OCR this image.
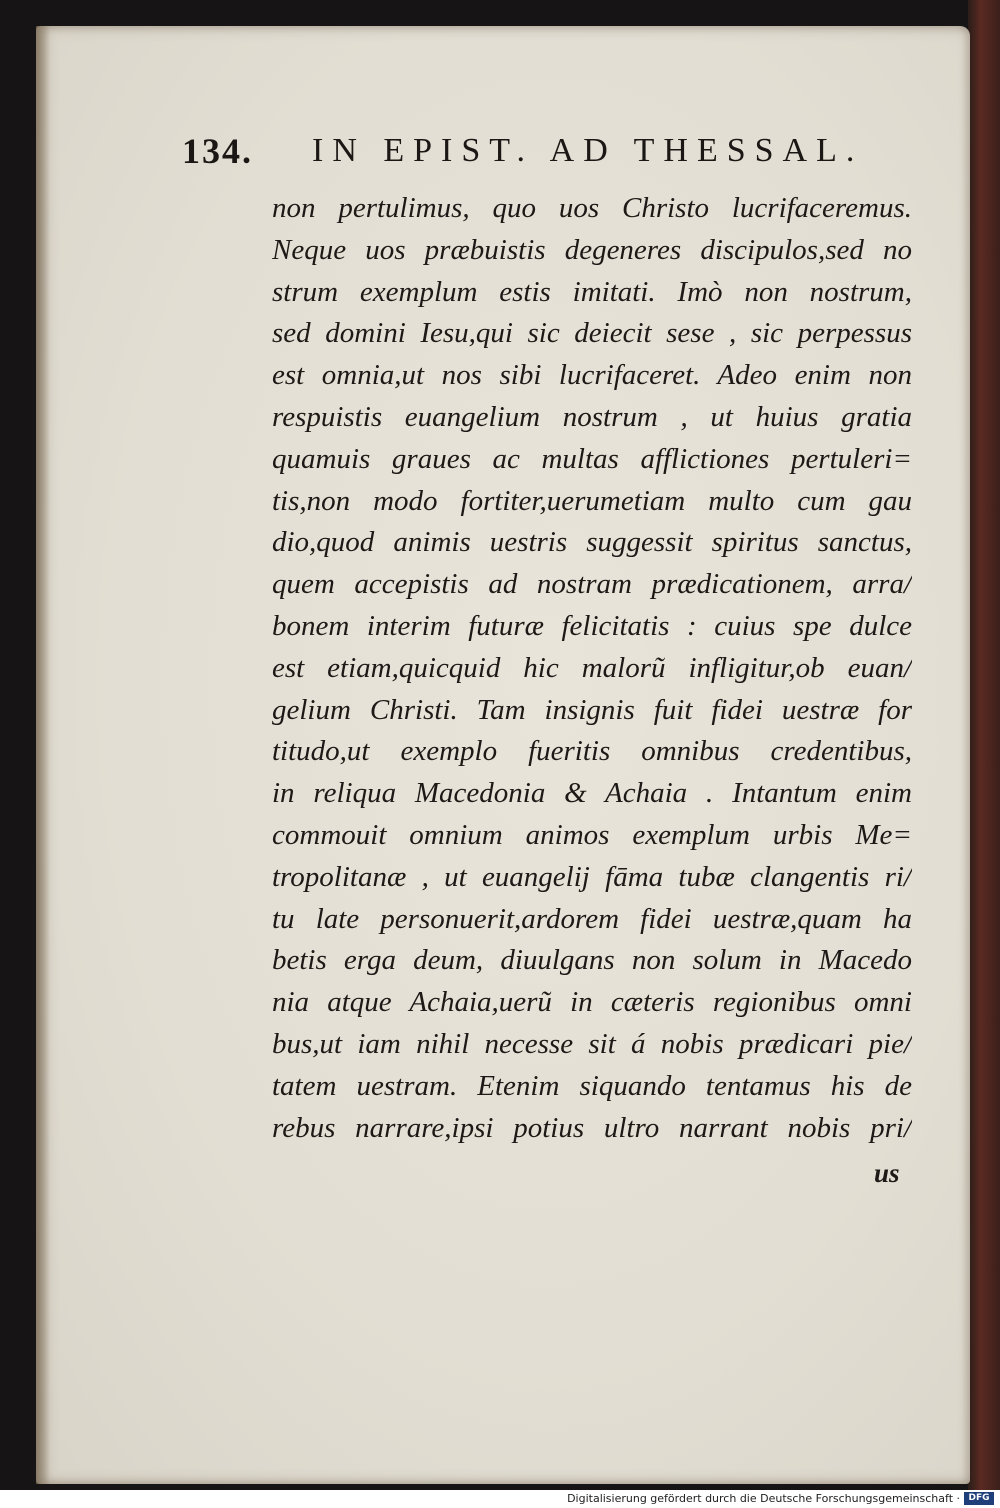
134. IN EPIST. AD THESSAL.
non pertulimus, quo uos Christo lucrifaceremus.
Neque uos præbuistis degeneres discipulos,sed no
strum exemplum estis imitati. Imò non nostrum,
sed domini Iesu,qui sic deiecit sese , sic perpessus
est omnia,ut nos sibi lucrifaceret. Adeo enim non
respuistis euangelium nostrum , ut huius gratia
quamuis graues ac multas afflictiones pertuleri=
tis,non modo fortiter,uerumetiam multo cum gau
dio,quod animis uestris suggessit spiritus sanctus,
quem accepistis ad nostram prædicationem, arra/
bonem interim futuræ felicitatis : cuius spe dulce
est etiam,quicquid hic malorũ infligitur,ob euan/
gelium Christi. Tam insignis fuit fidei uestræ for
titudo,ut exemplo fueritis omnibus credentibus,
in reliqua Macedonia & Achaia . Intantum enim
commouit omnium animos exemplum urbis Me=
tropolitanæ , ut euangelij fāma tubæ clangentis ri/
tu late personuerit,ardorem fidei uestræ,quam ha
betis erga deum, diuulgans non solum in Macedo
nia atque Achaia,uerũ in cæteris regionibus omni
bus,ut iam nihil necesse sit á nobis prædicari pie/
tatem uestram. Etenim siquando tentamus his de
rebus narrare,ipsi potius ultro narrant nobis pri/
us
Digitalisierung gefördert durch die Deutsche Forschungsgemeinschaft · DFG
